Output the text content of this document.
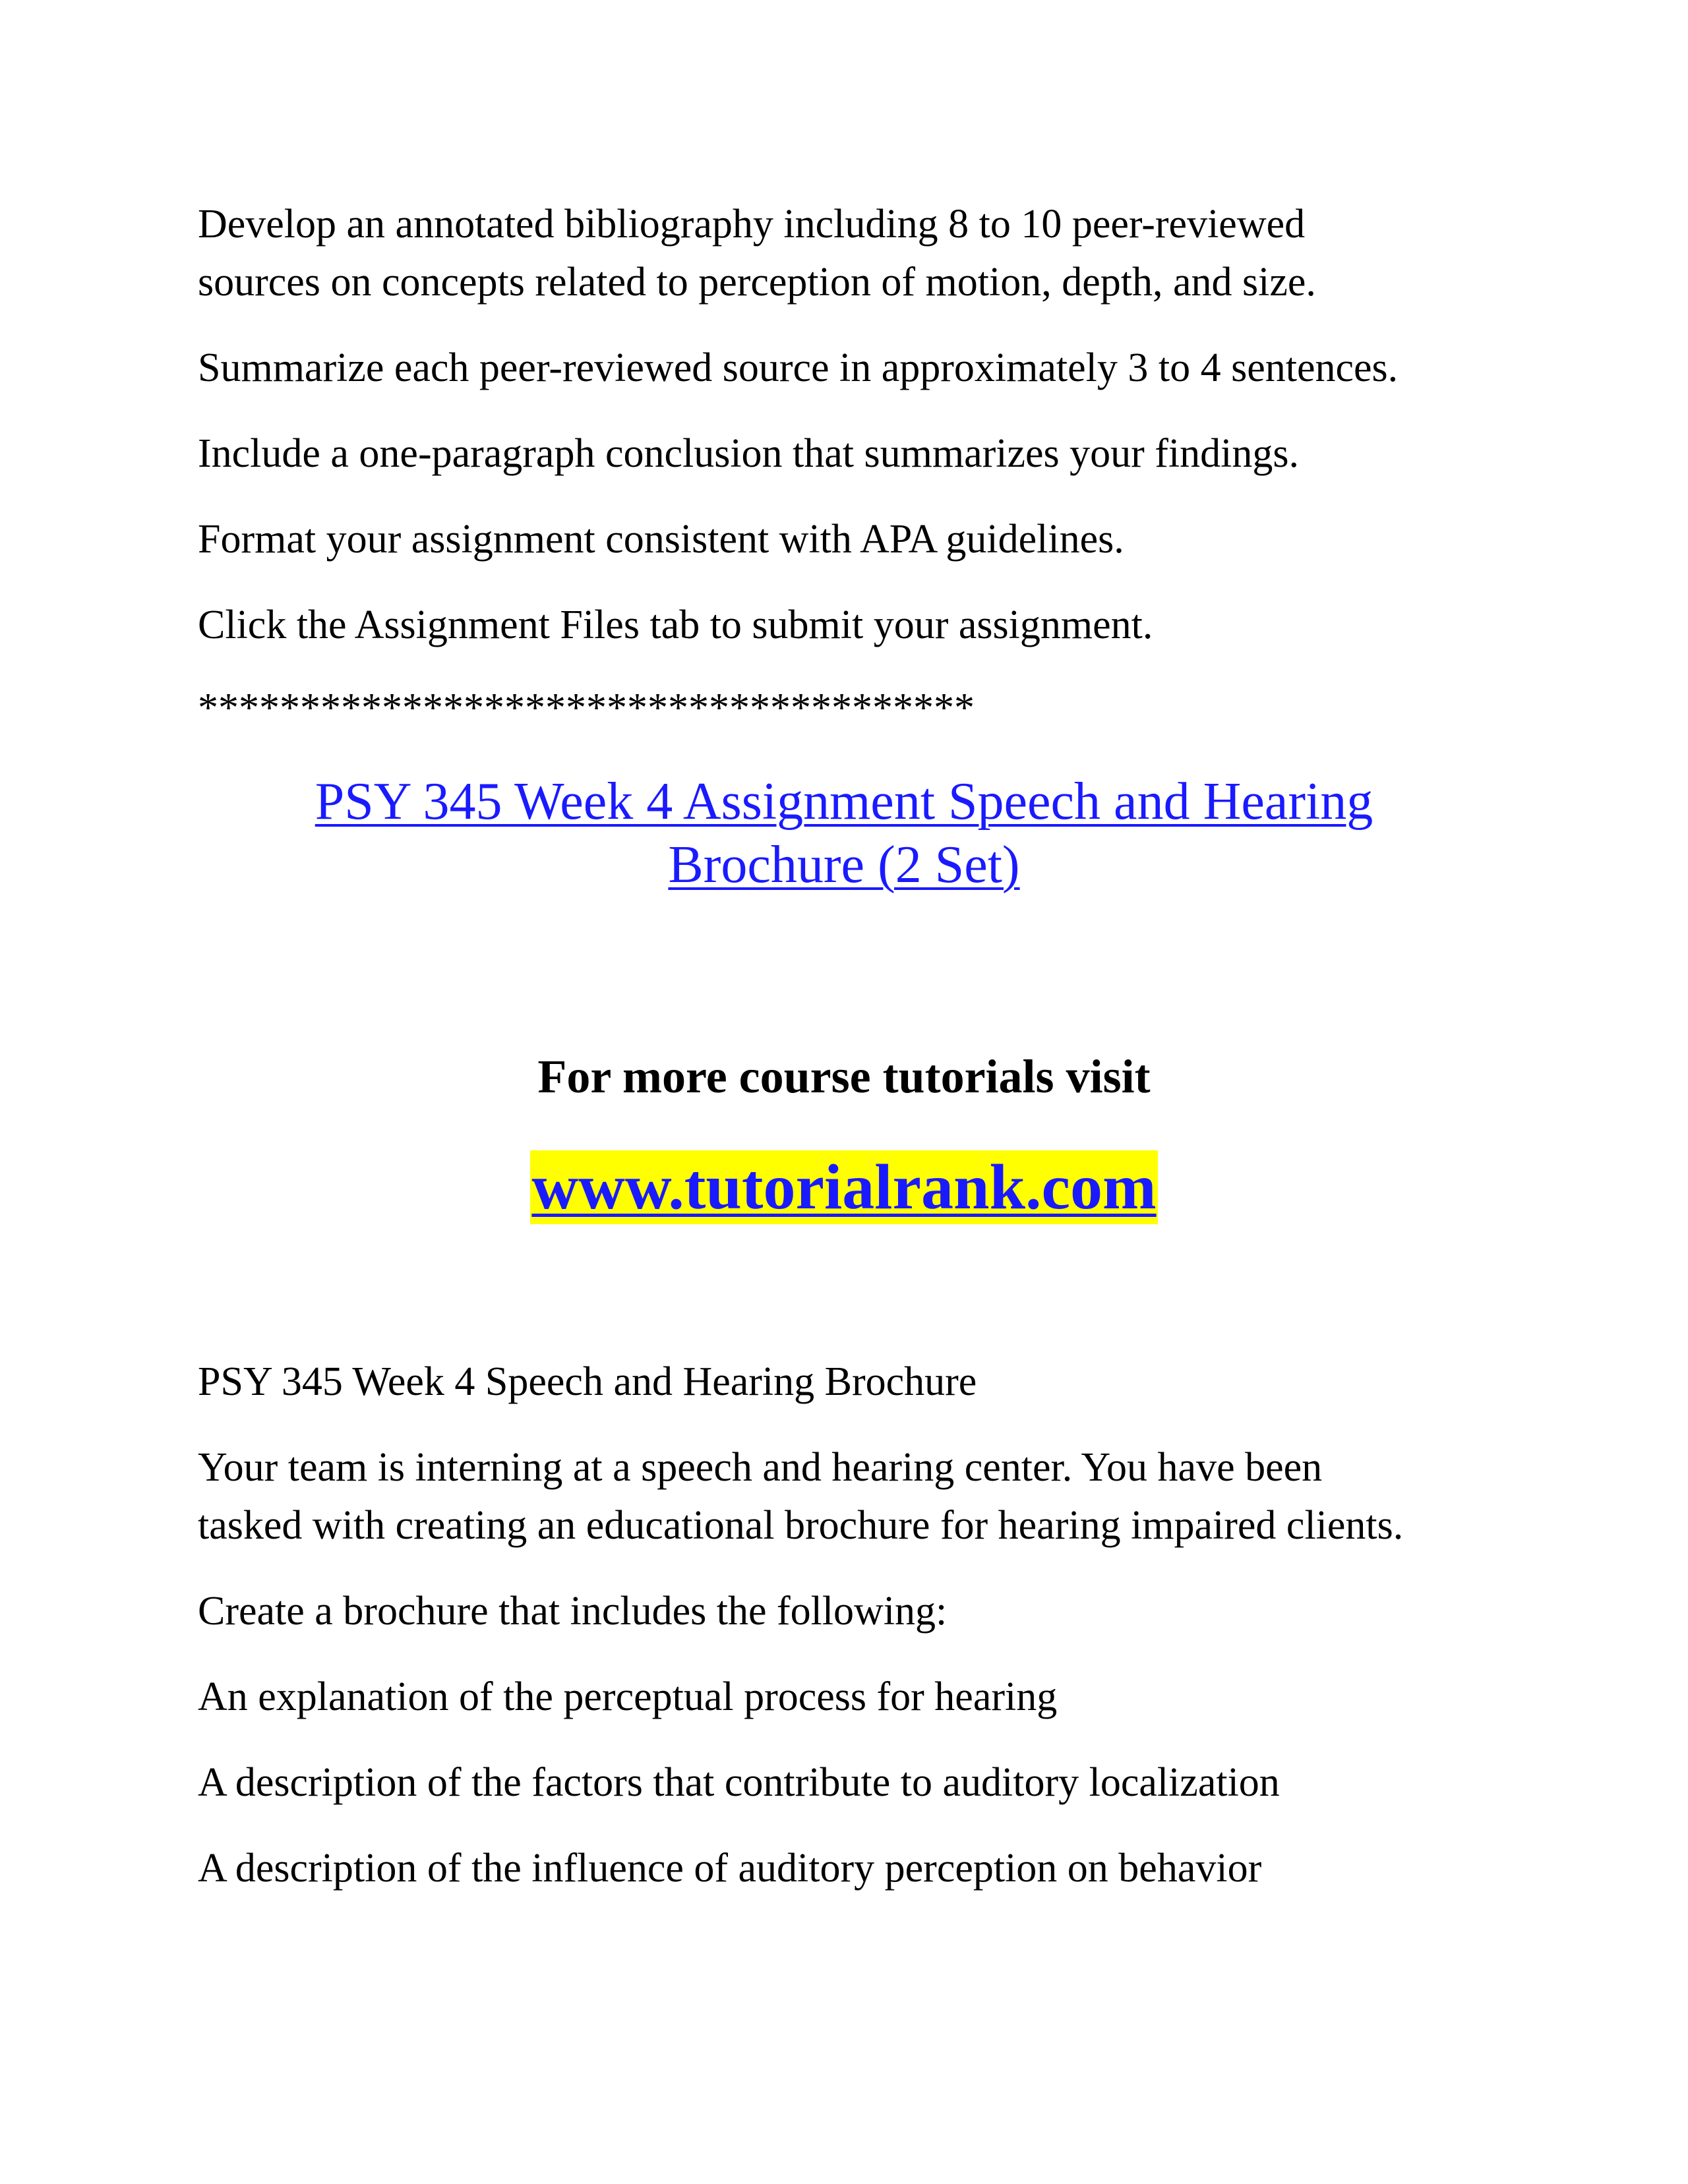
Develop an annotated bibliography including 8 to 10 peer-reviewed

sources on concepts related to perception of motion, depth, and size.

Summarize each peer-reviewed source in approximately 3 to 4 sentences.

Include a one-paragraph conclusion that summarizes your findings.

Format your assignment consistent with APA guidelines.

Click the Assignment Files tab to submit your assignment.

**************************************

PSY 345 Week 4 Assignment Speech and Hearing

Brochure (2 Set)

For more course tutorials visit

www.tutorialrank.com

PSY 345 Week 4 Speech and Hearing Brochure

Your team is interning at a speech and hearing center. You have been

tasked with creating an educational brochure for hearing impaired clients.

Create a brochure that includes the following:

An explanation of the perceptual process for hearing

A description of the factors that contribute to auditory localization

A description of the influence of auditory perception on behavior
